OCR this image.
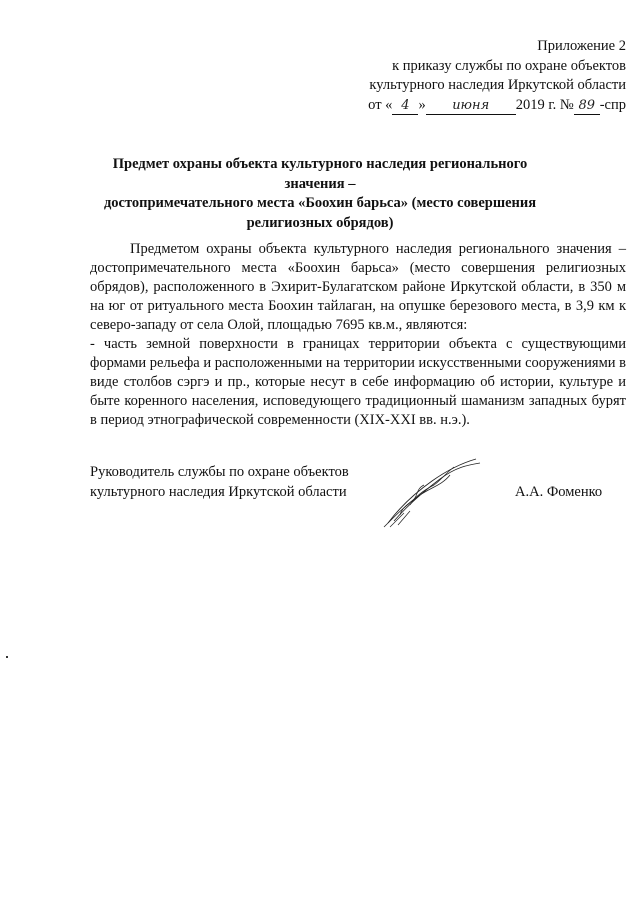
Приложение 2
к приказу службы по охране объектов
культурного наследия Иркутской области
от « 4 » июня 2019 г. № 89 -спр
Предмет охраны объекта культурного наследия регионального значения –
достопримечательного места «Боохин барьса» (место совершения
религиозных обрядов)

Предметом охраны объекта культурного наследия регионального значения – достопримечательного места «Боохин барьса» (место совершения религиозных обрядов), расположенного в Эхирит-Булагатском районе Иркутской области, в 350 м на юг от ритуального места Боохин тайлаган, на опушке березового места, в 3,9 км к северо-западу от села Олой, площадью 7695 кв.м., являются:

- часть земной поверхности в границах территории объекта с существующими формами рельефа и расположенными на территории искусственными сооружениями в виде столбов сэргэ и пр., которые несут в себе информацию об истории, культуре и быте коренного населения, исповедующего традиционный шаманизм западных бурят в период этнографической современности (XIX-XXI вв. н.э.).

Руководитель службы по охране объектов
культурного наследия Иркутской области	А.А. Фоменко
